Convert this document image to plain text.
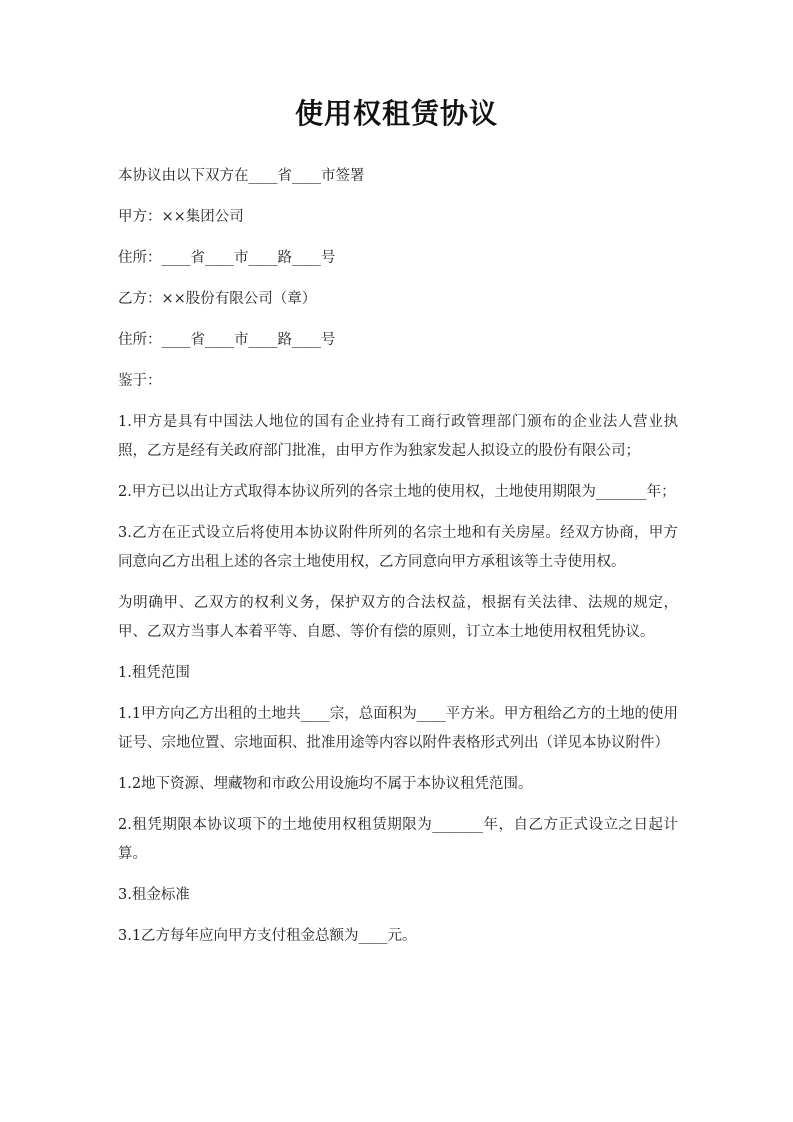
使用权租赁协议

本协议由以下双方在____省____市签署

甲方：××集团公司

住所：____省____市____路____号

乙方：××股份有限公司（章）

住所：____省____市____路____号

鉴于：

1.甲方是具有中国法人地位的国有企业持有工商行政管理部门颁布的企业法人营业执照，乙方是经有关政府部门批准，由甲方作为独家发起人拟设立的股份有限公司；

2.甲方已以出让方式取得本协议所列的各宗土地的使用权，土地使用期限为_______年；

3.乙方在正式设立后将使用本协议附件所列的名宗土地和有关房屋。经双方协商，甲方同意向乙方出租上述的各宗土地使用权，乙方同意向甲方承租该等土寺使用权。

为明确甲、乙双方的权利义务，保护双方的合法权益，根据有关法律、法规的规定，甲、乙双方当事人本着平等、自愿、等价有偿的原则，订立本土地使用权租凭协议。

1.租凭范围

1.1甲方向乙方出租的土地共____宗，总面积为____平方米。甲方租给乙方的土地的使用证号、宗地位置、宗地面积、批准用途等内容以附件表格形式列出（详见本协议附件）

1.2地下资源、埋藏物和市政公用设施均不属于本协议租凭范围。

2.租凭期限本协议项下的土地使用权租赁期限为_______年，自乙方正式设立之日起计算。

3.租金标准

3.1乙方每年应向甲方支付租金总额为____元。
